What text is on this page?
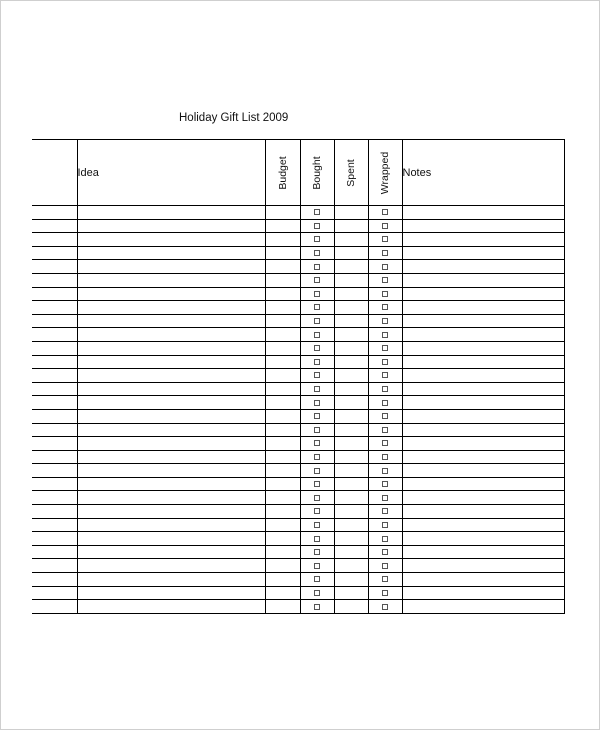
Holiday Gift List 2009
	Idea	Budget	Bought	Spent	Wrapped	Notes
